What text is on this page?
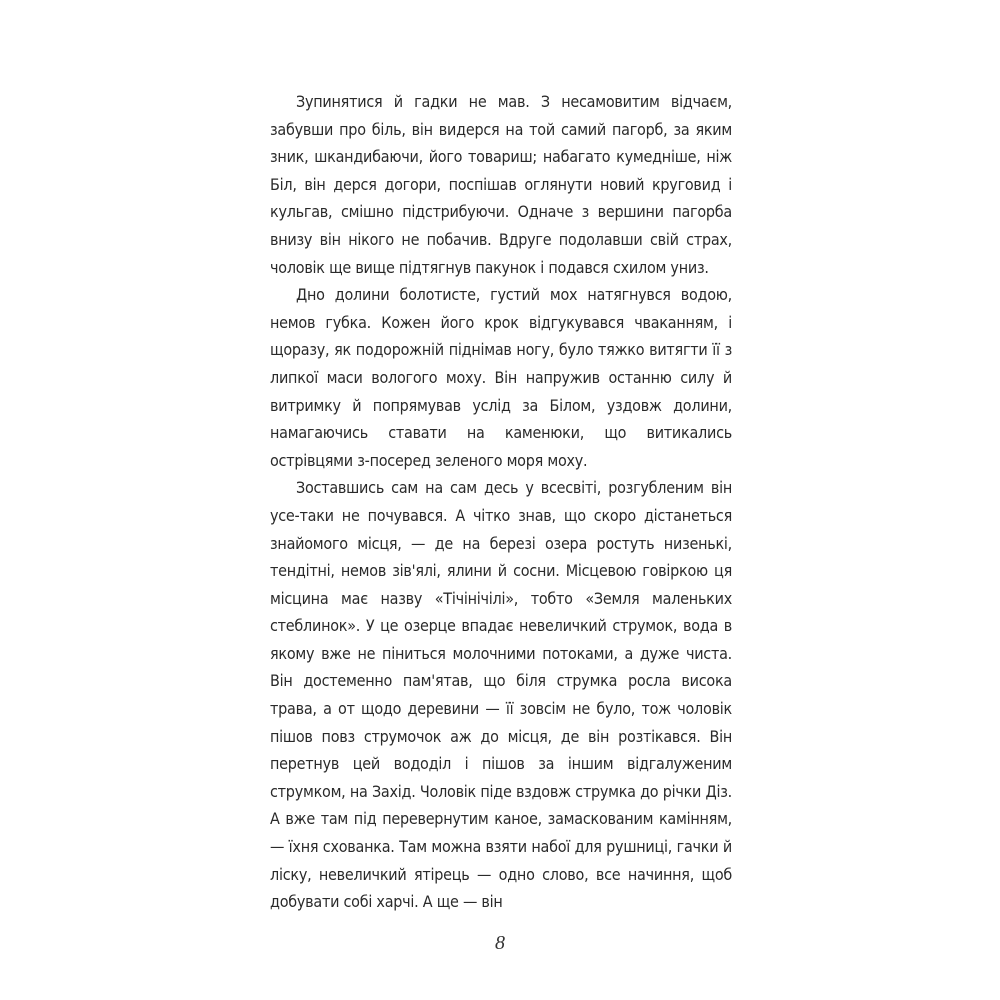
Зупинятися й гадки не мав. З несамовитим відчаєм, забувши про біль, він видерся на той самий пагорб, за яким зник, шкандибаючи, його товариш; набагато кумедніше, ніж Біл, він дерся догори, поспішав оглянути новий круговид і кульгав, смішно підстрибуючи. Одначе з вершини пагорба внизу він нікого не побачив. Вдруге подолавши свій страх, чоловік ще вище підтягнув пакунок і подався схилом униз.

Дно долини болотисте, густий мох натягнувся водою, немов губка. Кожен його крок відгукувався чваканням, і щоразу, як подорожній піднімав ногу, було тяжко витягти її з липкої маси вологого моху. Він напружив останню силу й витримку й попрямував услід за Білом, уздовж долини, намагаючись ставати на каменюки, що витикались острівцями з-посеред зеленого моря моху.

Зоставшись сам на сам десь у всесвіті, розгубленим він усе-таки не почувався. А чітко знав, що скоро дістанеться знайомого місця, — де на березі озера ростуть низенькі, тендітні, немов зів'ялі, ялини й сосни. Місцевою говіркою ця місцина має назву «Тічінічілі», тобто «Земля маленьких стеблинок». У це озерце впадає невеличкий струмок, вода в якому вже не піниться молочними потоками, а дуже чиста. Він достеменно пам'ятав, що біля струмка росла висока трава, а от щодо деревини — її зовсім не було, тож чоловік пішов повз струмочок аж до місця, де він розтікався. Він перетнув цей вододіл і пішов за іншим відгалуженим струмком, на Захід. Чоловік піде вздовж струмка до річки Діз. А вже там під перевернутим каное, замаскованим камінням, — їхня схованка. Там можна взяти набої для рушниці, гачки й ліску, невеличкий ятірець — одно слово, все начиння, щоб добувати собі харчі. А ще — він

8
